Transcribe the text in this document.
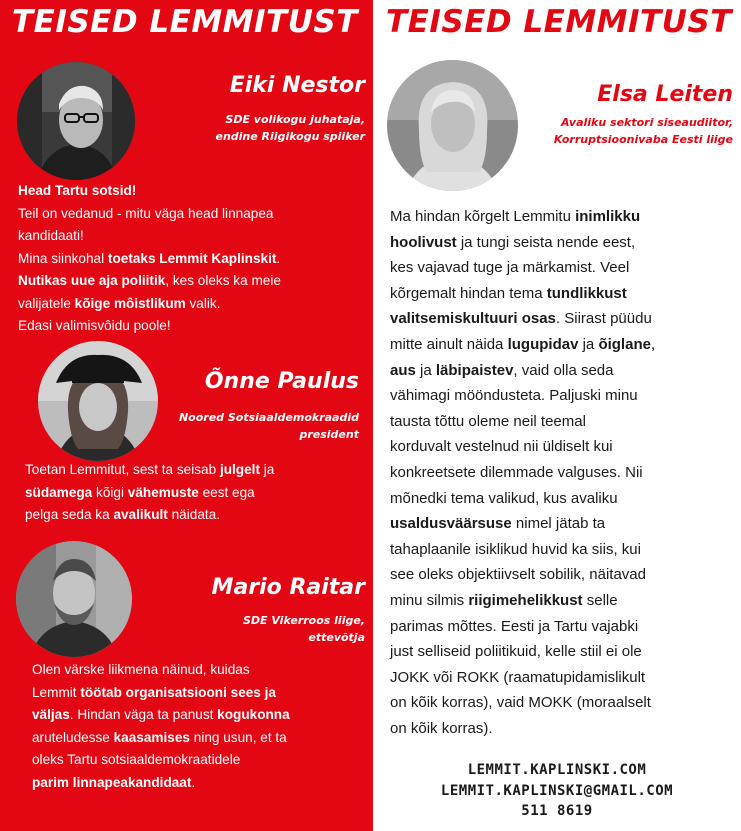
TEISED LEMMITUST
Eiki Nestor
SDE volikogu juhataja,
endine Riigikogu spiiker
Head Tartu sotsid!
Teil on vedanud - mitu väga head linnapea
kandidaati!
Mina siinkohal toetaks Lemmit Kaplinskit.
Nutikas uue aja poliitik, kes oleks ka meie
valijatele kõige môistlikum valik.
Edasi valimisvôidu poole!
Õnne Paulus
Noored Sotsiaaldemokraadid
president
Toetan Lemmitut, sest ta seisab julgelt ja
südamega kõigi vähemuste eest ega
pelga seda ka avalikult näidata.
Mario Raitar
SDE Vikerroos liige,
ettevõtja
Olen värske liikmena näinud, kuidas
Lemmit töötab organisatsiooni sees ja
väljas. Hindan väga ta panust kogukonna
aruteludesse kaasamises ning usun, et ta
oleks Tartu sotsiaaldemokraatidele
parim linnapeakandidaat.
TEISED LEMMITUST
Elsa Leiten
Avaliku sektori siseaudiitor,
Korruptsioonivaba Eesti liige
Ma hindan kõrgelt Lemmitu inimlikku
hoolivust ja tungi seista nende eest,
kes vajavad tuge ja märkamist. Veel
kõrgemalt hindan tema tundlikkust
valitsemiskultuuri osas. Siirast püüdu
mitte ainult näida lugupidav ja õiglane,
aus ja läbipaistev, vaid olla seda
vähimagi mööndusteta. Paljuski minu
tausta tõttu oleme neil teemal
korduvalt vestelnud nii üldiselt kui
konkreetsete dilemmade valguses. Nii
mõnedki tema valikud, kus avaliku
usaldusväärsuse nimel jätab ta
tahaplaanile isiklikud huvid ka siis, kui
see oleks objektiivselt sobilik, näitavad
minu silmis riigimehelikkust selle
parimas mõttes. Eesti ja Tartu vajabki
just selliseid poliitikuid, kelle stiil ei ole
JOKK või ROKK (raamatupidamislikult
on kõik korras), vaid MOKK (moraalselt
on kõik korras).
LEMMIT.KAPLINSKI.COM
LEMMIT.KAPLINSKI@GMAIL.COM
511 8619
